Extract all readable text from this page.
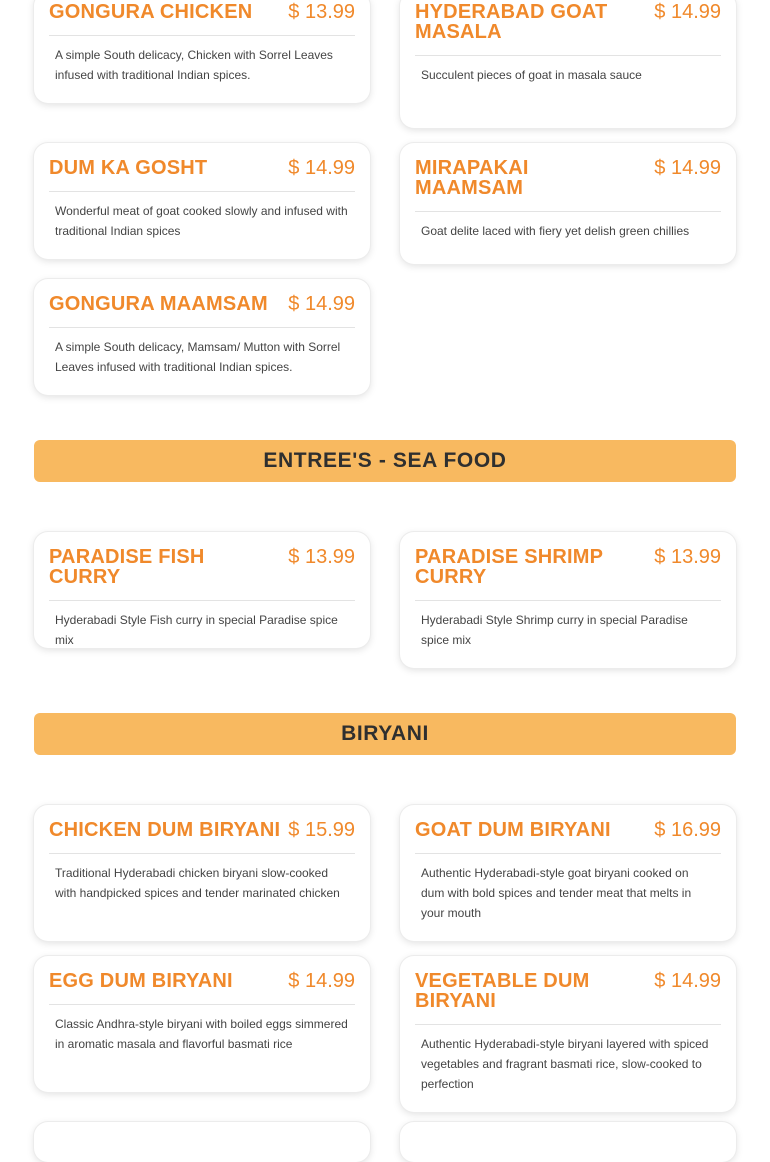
GONGURA CHICKEN $ 13.99
A simple South delicacy, Chicken with Sorrel Leaves infused with traditional Indian spices.
HYDERABAD GOAT MASALA
$ 14.99
Succulent pieces of goat in masala sauce
DUM KA GOSHT	$ 14.99
Wonderful meat of goat cooked slowly and infused with traditional Indian spices
MIRAPAKAI MAAMSAM
$ 14.99
Goat delite laced with fiery yet delish green chillies
GONGURA MAAMSAM $ 14.99
A simple South delicacy, Mamsam/ Mutton with Sorrel Leaves infused with traditional Indian spices.
ENTREE'S - SEA FOOD
PARADISE FISH CURRY
$ 13.99
Hyderabadi Style Fish curry in special Paradise spice mix
PARADISE SHRIMP CURRY
$ 13.99
Hyderabadi Style Shrimp curry in special Paradise spice mix
BIRYANI
CHICKEN DUM BIRYANI $ 15.99
Traditional Hyderabadi chicken biryani slow-cooked with handpicked spices and tender marinated chicken
GOAT DUM BIRYANI $ 16.99
Authentic Hyderabadi-style goat biryani cooked on dum with bold spices and tender meat that melts in your mouth
EGG DUM BIRYANI	$ 14.99
Classic Andhra-style biryani with boiled eggs simmered in aromatic masala and flavorful basmati rice
VEGETABLE DUM BIRYANI
$ 14.99
Authentic Hyderabadi-style biryani layered with spiced vegetables and fragrant basmati rice, slow-cooked to perfection
